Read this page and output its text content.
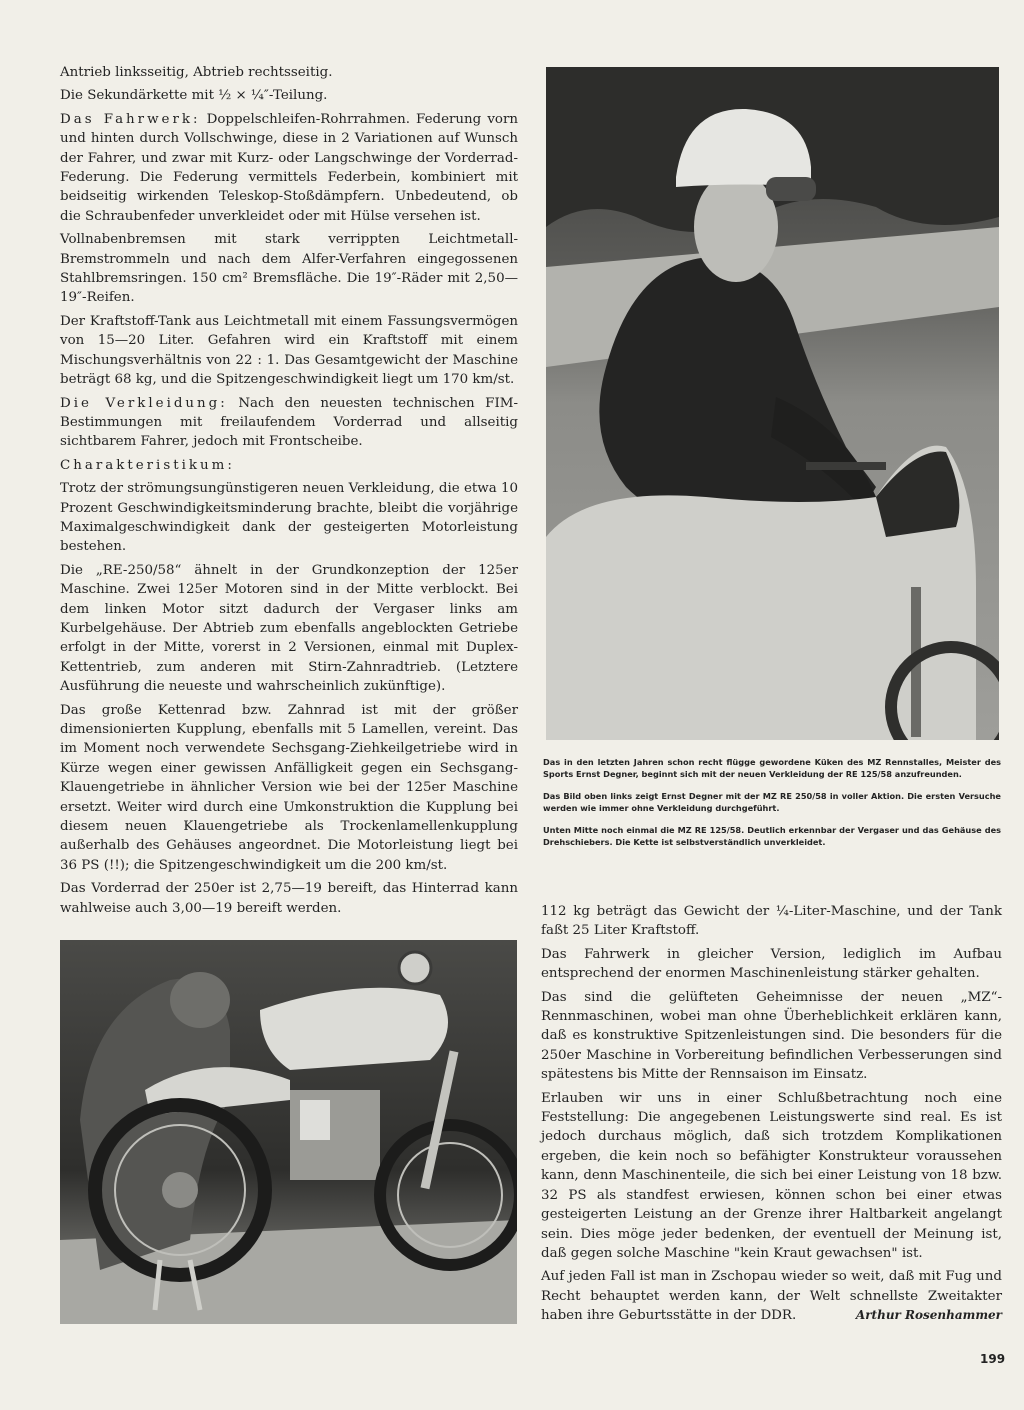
Antrieb linksseitig, Abtrieb rechtsseitig.

Die Sekundärkette mit ½ × ¼″-Teilung.

Das Fahrwerk: Doppelschleifen-Rohrrahmen. Federung vorn und hinten durch Vollschwinge, diese in 2 Variationen auf Wunsch der Fahrer, und zwar mit Kurz- oder Langschwinge der Vorderrad-Federung. Die Federung vermittels Federbein, kombiniert mit beidseitig wirkenden Teleskop-Stoßdämpfern. Unbedeutend, ob die Schraubenfeder unverkleidet oder mit Hülse versehen ist.

Vollnabenbremsen mit stark verrippten Leichtmetall-Bremstrommeln und nach dem Alfer-Verfahren eingegossenen Stahlbremsringen. 150 cm² Bremsfläche. Die 19″-Räder mit 2,50—19″-Reifen.

Der Kraftstoff-Tank aus Leichtmetall mit einem Fassungsvermögen von 15—20 Liter. Gefahren wird ein Kraftstoff mit einem Mischungsverhältnis von 22 : 1. Das Gesamtgewicht der Maschine beträgt 68 kg, und die Spitzengeschwindigkeit liegt um 170 km/st.

Die Verkleidung: Nach den neuesten technischen FIM-Bestimmungen mit freilaufendem Vorderrad und allseitig sichtbarem Fahrer, jedoch mit Frontscheibe.

Charakteristikum:

Trotz der strömungsungünstigeren neuen Verkleidung, die etwa 10 Prozent Geschwindigkeitsminderung brachte, bleibt die vorjährige Maximalgeschwindigkeit dank der gesteigerten Motorleistung bestehen.

Die „RE-250/58“ ähnelt in der Grundkonzeption der 125er Maschine. Zwei 125er Motoren sind in der Mitte verblockt. Bei dem linken Motor sitzt dadurch der Vergaser links am Kurbelgehäuse. Der Abtrieb zum ebenfalls angeblockten Getriebe erfolgt in der Mitte, vorerst in 2 Versionen, einmal mit Duplex-Kettentrieb, zum anderen mit Stirn-Zahnradtrieb. (Letztere Ausführung die neueste und wahrscheinlich zukünftige).

Das große Kettenrad bzw. Zahnrad ist mit der größer dimensionierten Kupplung, ebenfalls mit 5 Lamellen, vereint. Das im Moment noch verwendete Sechsgang-Ziehkeilgetriebe wird in Kürze wegen einer gewissen Anfälligkeit gegen ein Sechsgang-Klauengetriebe in ähnlicher Version wie bei der 125er Maschine ersetzt. Weiter wird durch eine Umkonstruktion die Kupplung bei diesem neuen Klauengetriebe als Trockenlamellenkupplung außerhalb des Gehäuses angeordnet. Die Motorleistung liegt bei 36 PS (!!); die Spitzengeschwindigkeit um die 200 km/st.

Das Vorderrad der 250er ist 2,75—19 bereift, das Hinterrad kann wahlweise auch 3,00—19 bereift werden.

Das in den letzten Jahren schon recht flügge gewordene Küken des MZ Rennstalles, Meister des Sports Ernst Degner, beginnt sich mit der neuen Verkleidung der RE 125/58 anzufreunden.

Das Bild oben links zeigt Ernst Degner mit der MZ RE 250/58 in voller Aktion. Die ersten Versuche werden wie immer ohne Verkleidung durchgeführt.

Unten Mitte noch einmal die MZ RE 125/58. Deutlich erkennbar der Vergaser und das Gehäuse des Drehschiebers. Die Kette ist selbstverständlich unverkleidet.

112 kg beträgt das Gewicht der ¼-Liter-Maschine, und der Tank faßt 25 Liter Kraftstoff.

Das Fahrwerk in gleicher Version, lediglich im Aufbau entsprechend der enormen Maschinenleistung stärker gehalten.

Das sind die gelüfteten Geheimnisse der neuen „MZ“-Rennmaschinen, wobei man ohne Überheblichkeit erklären kann, daß es konstruktive Spitzenleistungen sind. Die besonders für die 250er Maschine in Vorbereitung befindlichen Verbesserungen sind spätestens bis Mitte der Rennsaison im Einsatz.

Erlauben wir uns in einer Schlußbetrachtung noch eine Feststellung: Die angegebenen Leistungswerte sind real. Es ist jedoch durchaus möglich, daß sich trotzdem Komplikationen ergeben, die kein noch so befähigter Konstrukteur voraussehen kann, denn Maschinenteile, die sich bei einer Leistung von 18 bzw. 32 PS als standfest erwiesen, können schon bei einer etwas gesteigerten Leistung an der Grenze ihrer Haltbarkeit angelangt sein. Dies möge jeder bedenken, der eventuell der Meinung ist, daß gegen solche Maschine "kein Kraut gewachsen" ist.

Auf jeden Fall ist man in Zschopau wieder so weit, daß mit Fug und Recht behauptet werden kann, der Welt schnellste Zweitakter haben ihre Geburtsstätte in der DDR.	Arthur Rosenhammer

199
